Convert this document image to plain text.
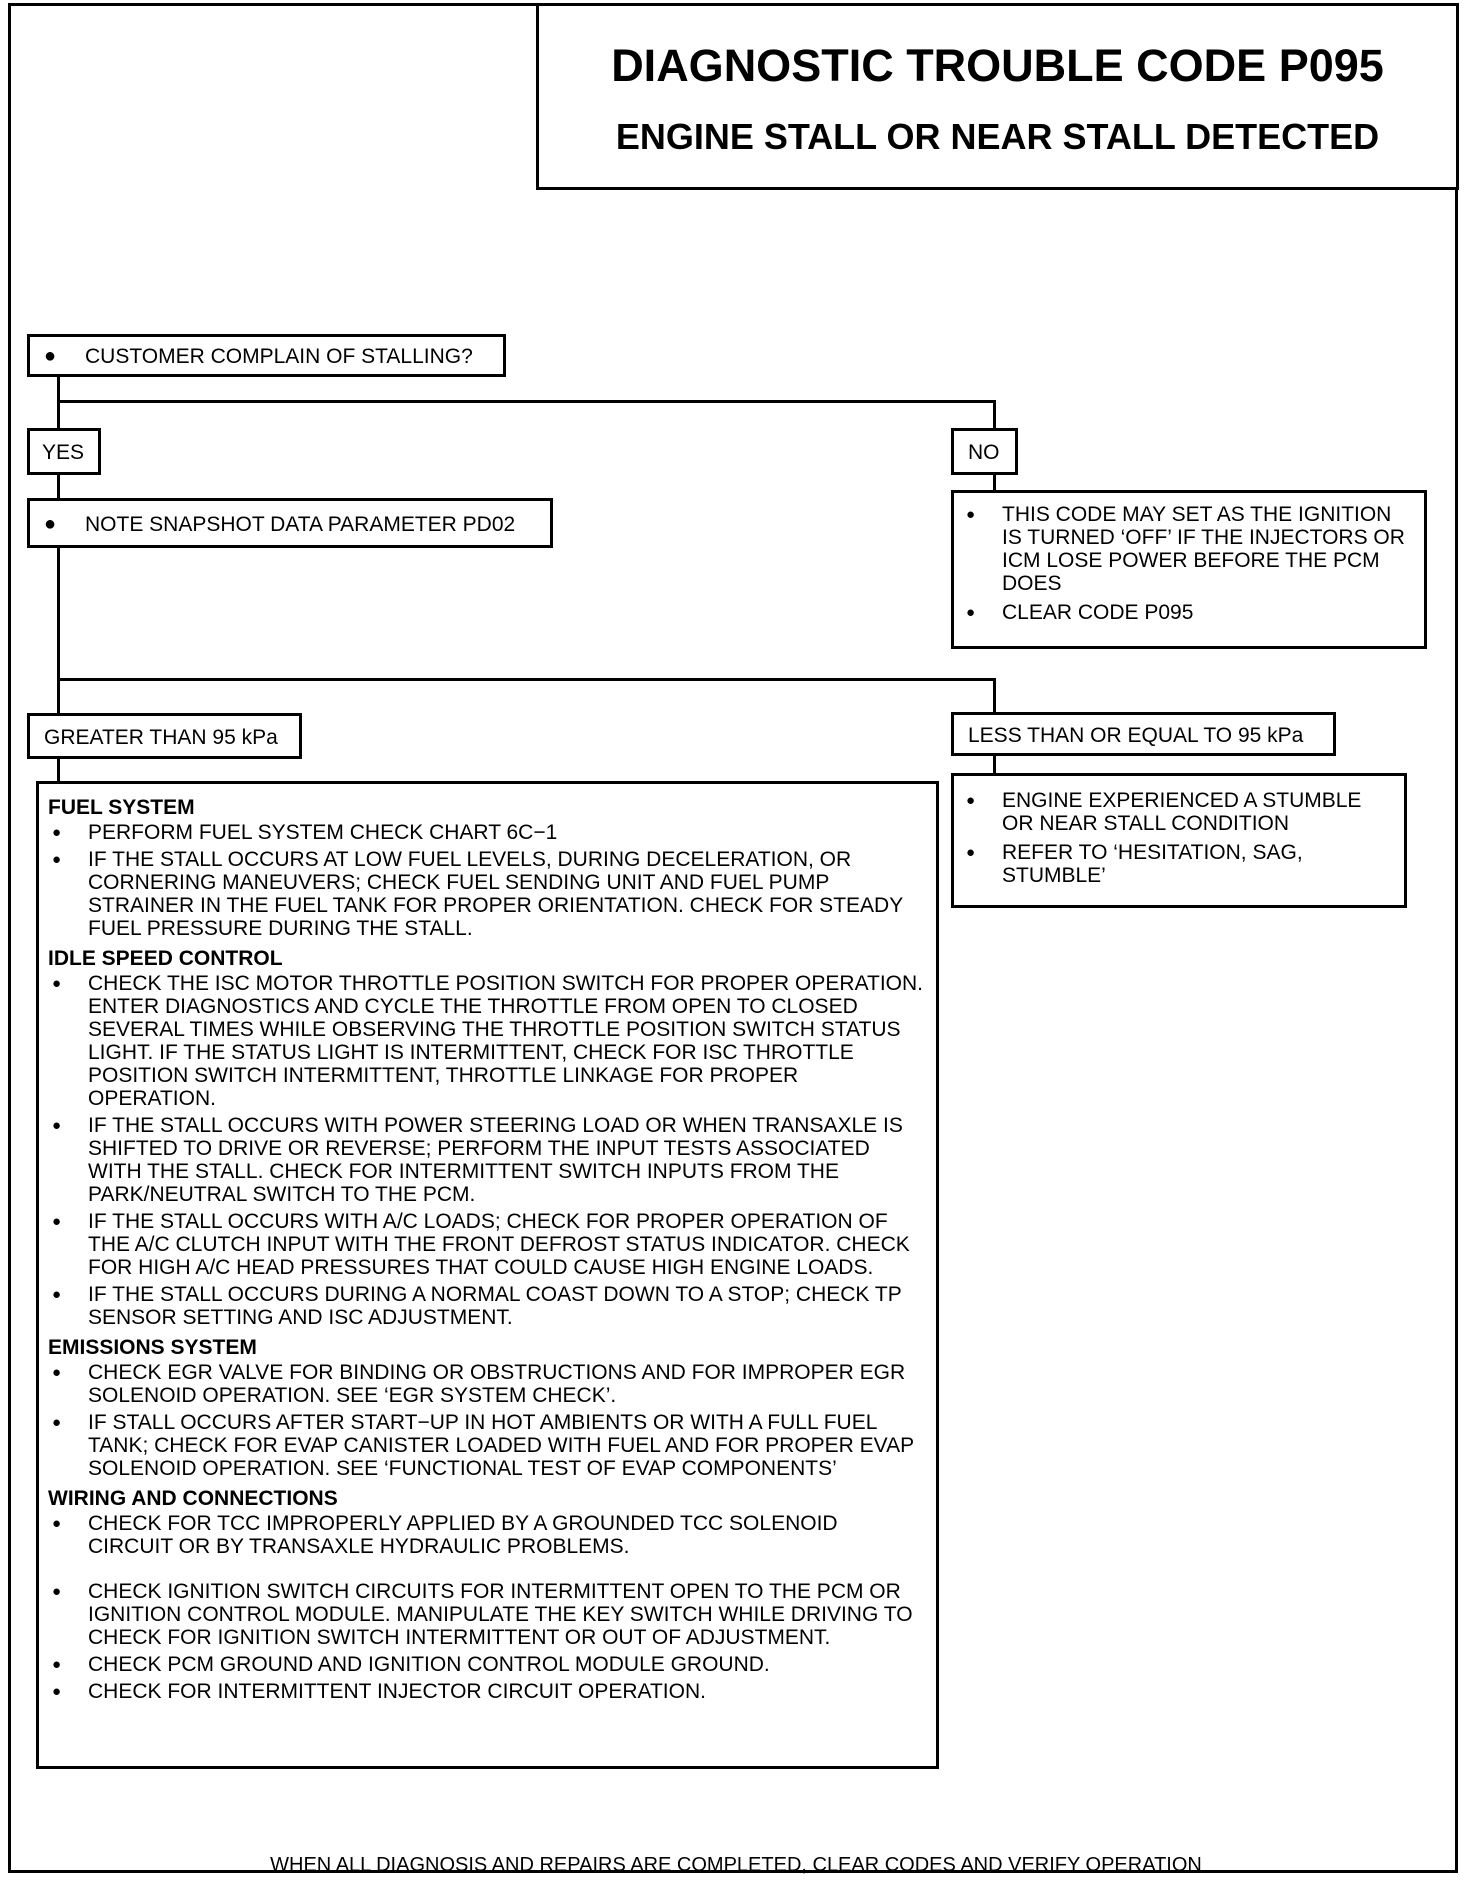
DIAGNOSTIC TROUBLE CODE P095
ENGINE STALL OR NEAR STALL DETECTED
● CUSTOMER COMPLAIN OF STALLING?
YES	NO
● NOTE SNAPSHOT DATA PARAMETER PD02	● THIS CODE MAY SET AS THE IGNITION IS TURNED ‘OFF’ IF THE INJECTORS OR ICM LOSE POWER BEFORE THE PCM DOES
● CLEAR CODE P095
GREATER THAN 95 kPa	LESS THAN OR EQUAL TO 95 kPa
● ENGINE EXPERIENCED A STUMBLE OR NEAR STALL CONDITION
● REFER TO ‘HESITATION, SAG, STUMBLE’
FUEL SYSTEM
● PERFORM FUEL SYSTEM CHECK CHART 6C−1
● IF THE STALL OCCURS AT LOW FUEL LEVELS, DURING DECELERATION, OR CORNERING MANEUVERS; CHECK FUEL SENDING UNIT AND FUEL PUMP STRAINER IN THE FUEL TANK FOR PROPER ORIENTATION. CHECK FOR STEADY FUEL PRESSURE DURING THE STALL.
IDLE SPEED CONTROL
● CHECK THE ISC MOTOR THROTTLE POSITION SWITCH FOR PROPER OPERATION. ENTER DIAGNOSTICS AND CYCLE THE THROTTLE FROM OPEN TO CLOSED SEVERAL TIMES WHILE OBSERVING THE THROTTLE POSITION SWITCH STATUS LIGHT. IF THE STATUS LIGHT IS INTERMITTENT, CHECK FOR ISC THROTTLE POSITION SWITCH INTERMITTENT, THROTTLE LINKAGE FOR PROPER OPERATION.
● IF THE STALL OCCURS WITH POWER STEERING LOAD OR WHEN TRANSAXLE IS SHIFTED TO DRIVE OR REVERSE; PERFORM THE INPUT TESTS ASSOCIATED WITH THE STALL. CHECK FOR INTERMITTENT SWITCH INPUTS FROM THE PARK/NEUTRAL SWITCH TO THE PCM.
● IF THE STALL OCCURS WITH A/C LOADS; CHECK FOR PROPER OPERATION OF THE A/C CLUTCH INPUT WITH THE FRONT DEFROST STATUS INDICATOR. CHECK FOR HIGH A/C HEAD PRESSURES THAT COULD CAUSE HIGH ENGINE LOADS.
● IF THE STALL OCCURS DURING A NORMAL COAST DOWN TO A STOP; CHECK TP SENSOR SETTING AND ISC ADJUSTMENT.
EMISSIONS SYSTEM
● CHECK EGR VALVE FOR BINDING OR OBSTRUCTIONS AND FOR IMPROPER EGR SOLENOID OPERATION. SEE ‘EGR SYSTEM CHECK’.
● IF STALL OCCURS AFTER START−UP IN HOT AMBIENTS OR WITH A FULL FUEL TANK; CHECK FOR EVAP CANISTER LOADED WITH FUEL AND FOR PROPER EVAP SOLENOID OPERATION. SEE ‘FUNCTIONAL TEST OF EVAP COMPONENTS’
WIRING AND CONNECTIONS
● CHECK FOR TCC IMPROPERLY APPLIED BY A GROUNDED TCC SOLENOID CIRCUIT OR BY TRANSAXLE HYDRAULIC PROBLEMS.
● CHECK IGNITION SWITCH CIRCUITS FOR INTERMITTENT OPEN TO THE PCM OR IGNITION CONTROL MODULE. MANIPULATE THE KEY SWITCH WHILE DRIVING TO CHECK FOR IGNITION SWITCH INTERMITTENT OR OUT OF ADJUSTMENT.
● CHECK PCM GROUND AND IGNITION CONTROL MODULE GROUND.
● CHECK FOR INTERMITTENT INJECTOR CIRCUIT OPERATION.
WHEN ALL DIAGNOSIS AND REPAIRS ARE COMPLETED, CLEAR CODES AND VERIFY OPERATION
